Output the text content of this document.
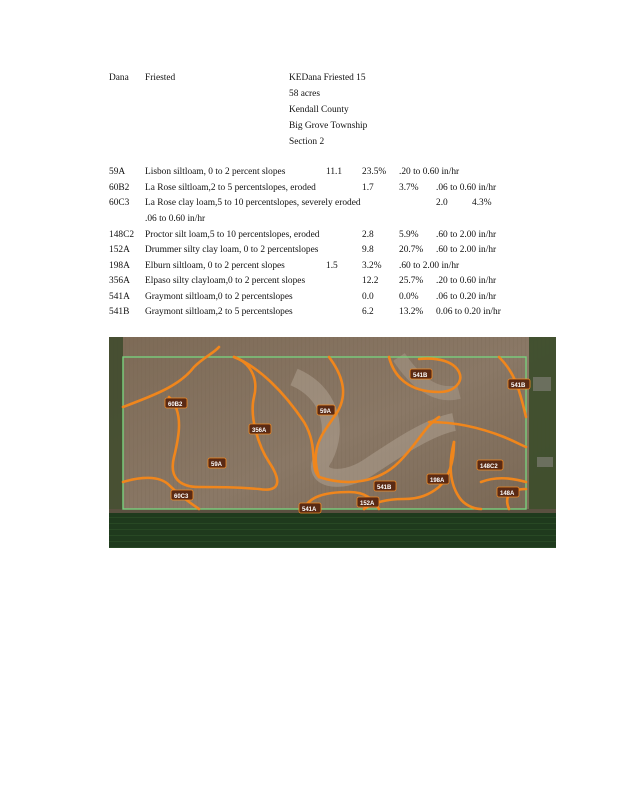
Dana Friested	KEDana Friested 15
58 acres
Kendall County
Big Grove Township
Section 2
59A Lisbon siltloam, 0 to 2 percent slopes	11.1 23.5% .20 to 0.60 in/hr
60B2 La Rose siltloam,2 to 5 percentslopes, eroded	1.7	3.7% .06 to 0.60 in/hr
60C3 La Rose clay loam,5 to 10 percentslopes, severely eroded	2.0	4.3%
.06 to 0.60 in/hr
148C2 Proctor silt loam,5 to 10 percentslopes, eroded	2.8	5.9% .60 to 2.00 in/hr
152A Drummer silty clay loam, 0 to 2 percentslopes	9.8	20.7% .60 to 2.00 in/hr
198A Elburn siltloam, 0 to 2 percent slopes	1.5	3.2% .60 to 2.00 in/hr
356A Elpaso silty clayloam,0 to 2 percent slopes	12.2 25.7% .20 to 0.60 in/hr
541A Graymont siltloam,0 to 2 percentslopes	0.0	0.0% .06 to 0.20 in/hr
541B Graymont siltloam,2 to 5 percentslopes	6.2	13.2% 0.06 to 0.20 in/hr
541B
541B
60B2
59A
356A
59A
60C3
541B
198A
148C2
148A
152A
541A
